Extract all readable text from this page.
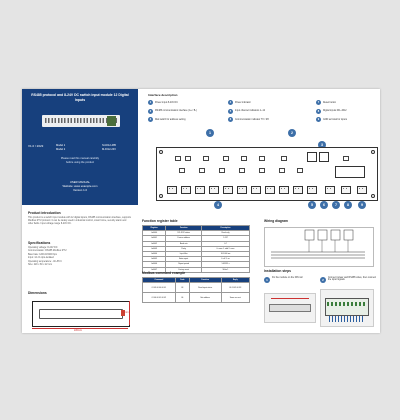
RS485 protocol and 8-24V DC switch input module 12 Digital Inputs
V1.0 / 2023	Model 1	M-DI12-485
Model 2	M-DI12-24V
Please read this manual carefully
before using the product
USER MANUAL
Website: www.example.com
Version 1.0
Product introduction
This product is a switch input module with 12 digital inputs, RS485 communication interface, supports Modbus RTU protocol. It can be widely used in industrial control, smart home, security alarm and other fields. Input voltage range 8-24V DC.
Specifications
Operating voltage: 8-24V DC
Communication: RS485 Modbus RTU
Baud rate: 1200-115200 bps
Input: 12 ch opto-isolated
Operating temperature: -40~85 C
Size: 220 x 60 x 22 mm
Dimensions
220mm
60mm
Interface description
1	Power input 8-24V DC	4	Power indicator	7	Reset button
2	RS485 communication interface (A+ / B-)	5	Input channel indicators 1~12	8	Digital inputs DI1~DI12
3	Dial switch for address setting	6	Communication indicator TX / RX	9	GND terminal for inputs
1	2
3
4	5	6	7	8	9
Function register table
Register	Function	Description
0x0000	DI1-DI12 status	Read only
0x0001	Device address	1-247
0x0002	Baud rate	0-7
0x0003	Parity	0: none 1: odd 2: even
0x0004	Input filter	10-1000 ms
0x0005	Auto report	0: off 1: on
0x0006	Report period	1-65535 s
0x0007	Factory reset	Write 1
Modbus command example
Command	Code	Function	Reply
01 03 00 00 00 01	03	Read input status	01 03 02 00 FF
01 06 00 01 00 02	06	Set address	Same as sent
Wiring diagram
Installation steps
1	Fix the module on the DIN rail	2	Connect power and RS485 wires, then connect the input signals
